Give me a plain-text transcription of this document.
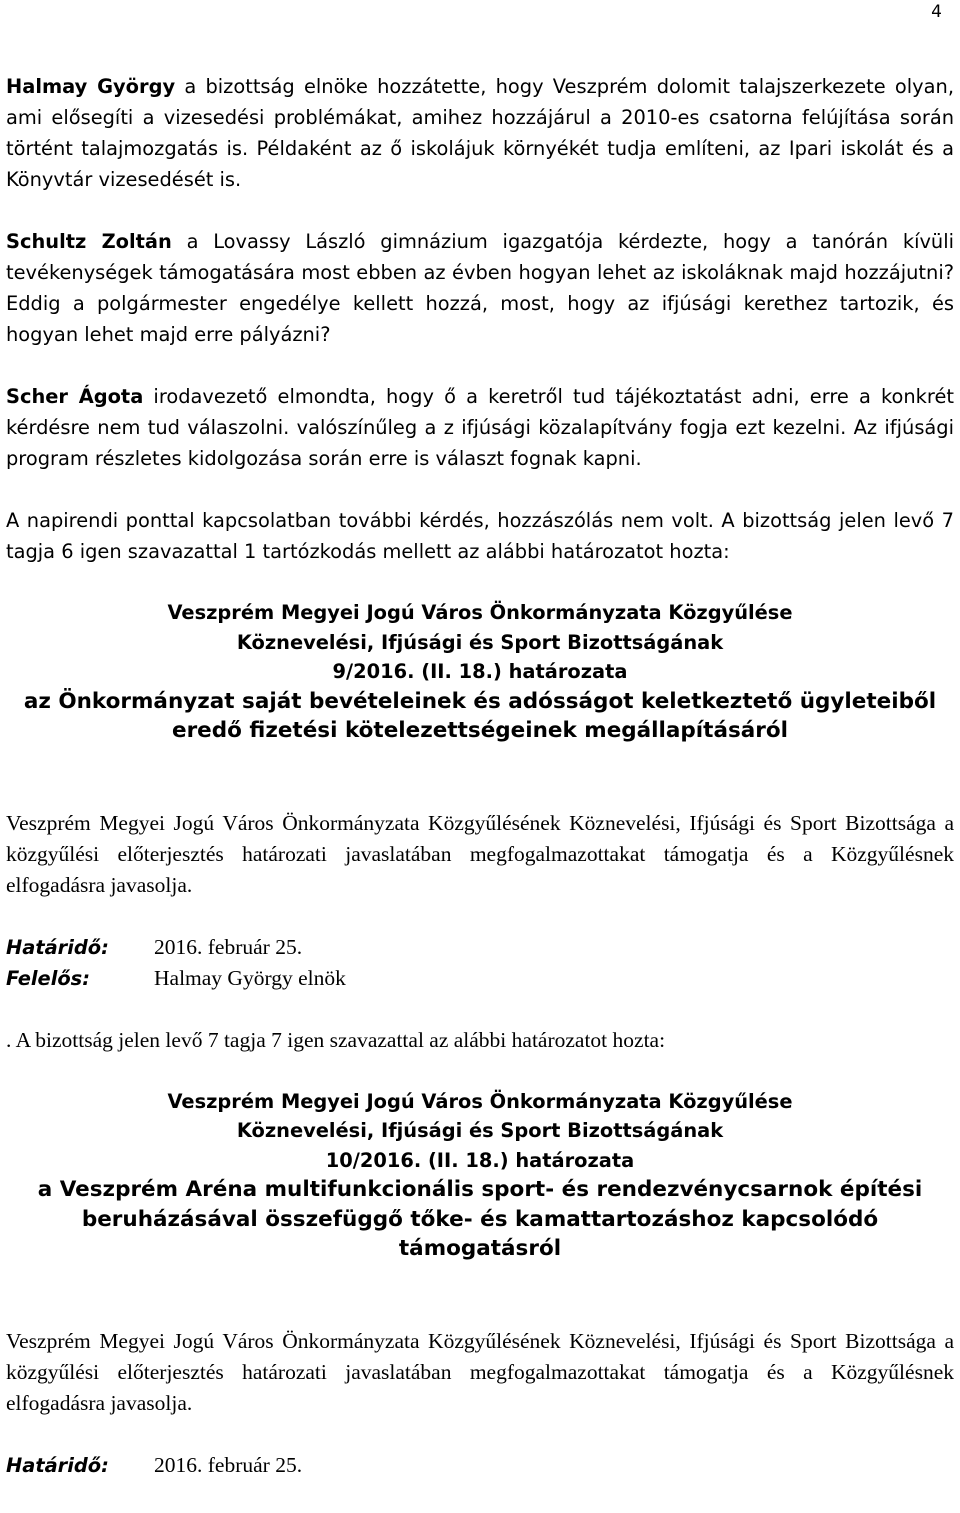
4

Halmay György a bizottság elnöke hozzátette, hogy Veszprém dolomit talajszerkezete olyan, ami elősegíti a vizesedési problémákat, amihez hozzájárul a 2010-es csatorna felújítása során történt talajmozgatás is. Példaként az ő iskolájuk környékét tudja említeni, az Ipari iskolát és a Könyvtár vizesedését is.

Schultz Zoltán a Lovassy László gimnázium igazgatója kérdezte, hogy a tanórán kívüli tevékenységek támogatására most ebben az évben hogyan lehet az iskoláknak majd hozzájutni? Eddig a polgármester engedélye kellett hozzá, most, hogy az ifjúsági kerethez tartozik, és hogyan lehet majd erre pályázni?

Scher Ágota irodavezető elmondta, hogy ő a keretről tud tájékoztatást adni, erre a konkrét kérdésre nem tud válaszolni. valószínűleg a z ifjúsági közalapítvány fogja ezt kezelni. Az ifjúsági program részletes kidolgozása során erre is választ fognak kapni.

A napirendi ponttal kapcsolatban további kérdés, hozzászólás nem volt. A bizottság jelen levő 7 tagja 6 igen szavazattal 1 tartózkodás mellett az alábbi határozatot hozta:

Veszprém Megyei Jogú Város Önkormányzata Közgyűlése

Köznevelési, Ifjúsági és Sport Bizottságának

9/2016. (II. 18.) határozata

az Önkormányzat saját bevételeinek és adósságot keletkeztető ügyleteiből

eredő fizetési kötelezettségeinek megállapításáról

Veszprém Megyei Jogú Város Önkormányzata Közgyűlésének Köznevelési, Ifjúsági és Sport Bizottsága a közgyűlési előterjesztés határozati javaslatában megfogalmazottakat támogatja és a Közgyűlésnek elfogadásra javasolja.

Határidő: 2016. február 25.

Felelős:	Halmay György elnök

. A bizottság jelen levő 7 tagja 7 igen szavazattal az alábbi határozatot hozta:

Veszprém Megyei Jogú Város Önkormányzata Közgyűlése

Köznevelési, Ifjúsági és Sport Bizottságának

10/2016. (II. 18.) határozata

a Veszprém Aréna multifunkcionális sport- és rendezvénycsarnok építési

beruházásával összefüggő tőke- és kamattartozáshoz kapcsolódó

támogatásról

Veszprém Megyei Jogú Város Önkormányzata Közgyűlésének Köznevelési, Ifjúsági és Sport Bizottsága a közgyűlési előterjesztés határozati javaslatában megfogalmazottakat támogatja és a Közgyűlésnek elfogadásra javasolja.

Határidő: 2016. február 25.
